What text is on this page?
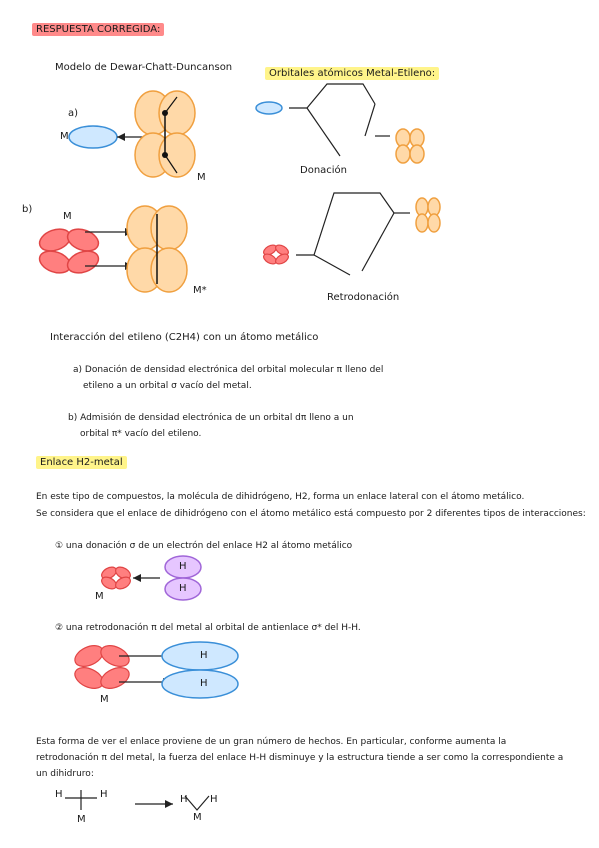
RESPUESTA CORREGIDA:
Modelo de Dewar-Chatt-Duncanson
Orbitales atómicos Metal-Etileno:
a)
M
M
Donación
b)
M
M*
Retrodonación
Interacción del etileno (C2H4) con un átomo metálico
a) Donación de densidad electrónica del orbital molecular π lleno del
etileno a un orbital σ vacío del metal.
b) Admisión de densidad electrónica de un orbital dπ lleno a un
orbital π* vacío del etileno.
Enlace H2-metal
En este tipo de compuestos, la molécula de dihidrógeno, H2, forma un enlace lateral con el átomo metálico.
Se considera que el enlace de dihidrógeno con el átomo metálico está compuesto por 2 diferentes tipos de interacciones:
① una donación σ de un electrón del enlace H2 al átomo metálico
H
H
M
② una retrodonación π del metal al orbital de antienlace σ* del H-H.
H
H
M
Esta forma de ver el enlace proviene de un gran número de hechos. En particular, conforme aumenta la
retrodonación π del metal, la fuerza del enlace H-H disminuye y la estructura tiende a ser como la correspondiente a
un dihidruro:
H	H
M
H H
M
